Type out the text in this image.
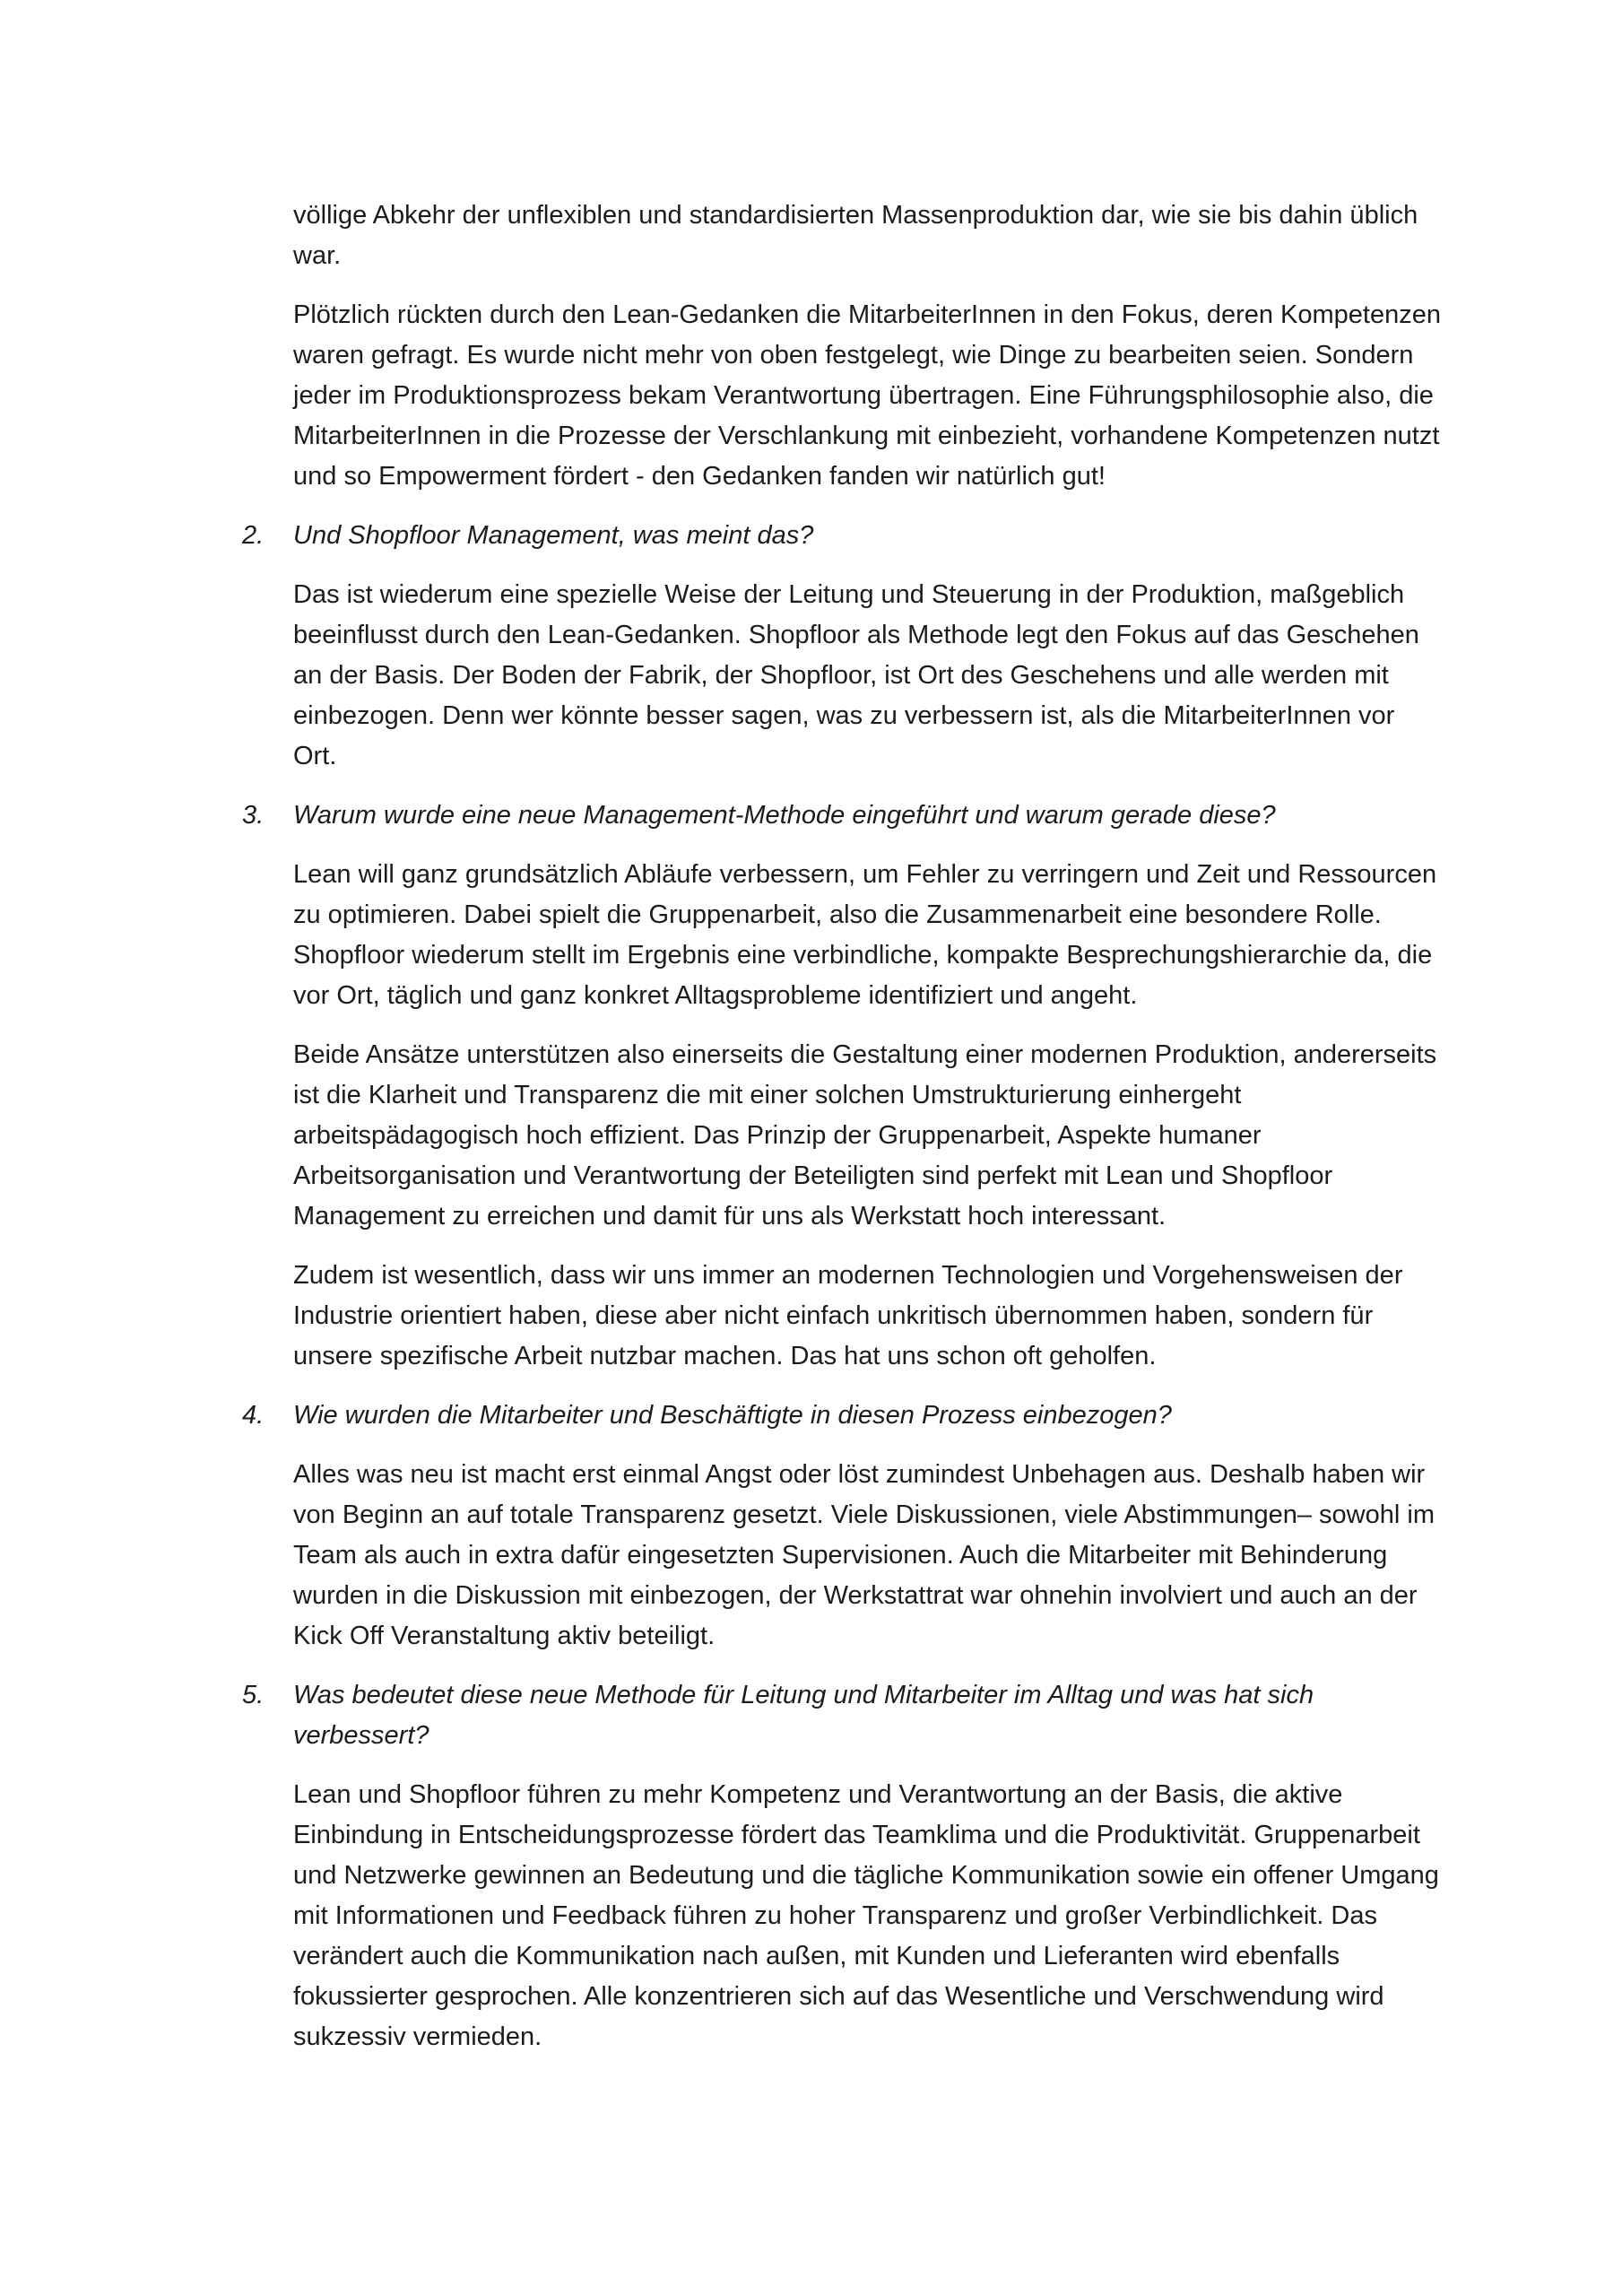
völlige Abkehr der unflexiblen und standardisierten Massenproduktion dar, wie sie bis dahin üblich war.

Plötzlich rückten durch den Lean-Gedanken die MitarbeiterInnen in den Fokus, deren Kompetenzen waren gefragt. Es wurde nicht mehr von oben festgelegt, wie Dinge zu bearbeiten seien. Sondern jeder im Produktionsprozess bekam Verantwortung übertragen. Eine Führungsphilosophie also, die MitarbeiterInnen in die Prozesse der Verschlankung mit einbezieht, vorhandene Kompetenzen nutzt und so Empowerment fördert - den Gedanken fanden wir natürlich gut!

2.	Und Shopfloor Management, was meint das?

Das ist wiederum eine spezielle Weise der Leitung und Steuerung in der Produktion, maßgeblich beeinflusst durch den Lean-Gedanken. Shopfloor als Methode legt den Fokus auf das Geschehen an der Basis. Der Boden der Fabrik, der Shopfloor, ist Ort des Geschehens und alle werden mit einbezogen. Denn wer könnte besser sagen, was zu verbessern ist, als die MitarbeiterInnen vor Ort.

3.	Warum wurde eine neue Management-Methode eingeführt und warum gerade diese?

Lean will ganz grundsätzlich Abläufe verbessern, um Fehler zu verringern und Zeit und Ressourcen zu optimieren. Dabei spielt die Gruppenarbeit, also die Zusammenarbeit eine besondere Rolle. Shopfloor wiederum stellt im Ergebnis eine verbindliche, kompakte Besprechungshierarchie da, die vor Ort, täglich und ganz konkret Alltagsprobleme identifiziert und angeht.

Beide Ansätze unterstützen also einerseits die Gestaltung einer modernen Produktion, andererseits ist die Klarheit und Transparenz die mit einer solchen Umstrukturierung einhergeht arbeitspädagogisch hoch effizient. Das Prinzip der Gruppenarbeit, Aspekte humaner Arbeitsorganisation und Verantwortung der Beteiligten sind perfekt mit Lean und Shopfloor Management zu erreichen und damit für uns als Werkstatt hoch interessant.

Zudem ist wesentlich, dass wir uns immer an modernen Technologien und Vorgehensweisen der Industrie orientiert haben, diese aber nicht einfach unkritisch übernommen haben, sondern für unsere spezifische Arbeit nutzbar machen. Das hat uns schon oft geholfen.

4.	Wie wurden die Mitarbeiter und Beschäftigte in diesen Prozess einbezogen?

Alles was neu ist macht erst einmal Angst oder löst zumindest Unbehagen aus. Deshalb haben wir von Beginn an auf totale Transparenz gesetzt. Viele Diskussionen, viele Abstimmungen– sowohl im Team als auch in extra dafür eingesetzten Supervisionen. Auch die Mitarbeiter mit Behinderung wurden in die Diskussion mit einbezogen, der Werkstattrat war ohnehin involviert und auch an der Kick Off Veranstaltung aktiv beteiligt.

5.	Was bedeutet diese neue Methode für Leitung und Mitarbeiter im Alltag und was hat sich verbessert?

Lean und Shopfloor führen zu mehr Kompetenz und Verantwortung an der Basis, die aktive Einbindung in Entscheidungsprozesse fördert das Teamklima und die Produktivität. Gruppenarbeit und Netzwerke gewinnen an Bedeutung und die tägliche Kommunikation sowie ein offener Umgang mit Informationen und Feedback führen zu hoher Transparenz und großer Verbindlichkeit. Das verändert auch die Kommunikation nach außen, mit Kunden und Lieferanten wird ebenfalls fokussierter gesprochen. Alle konzentrieren sich auf das Wesentliche und Verschwendung wird sukzessiv vermieden.
